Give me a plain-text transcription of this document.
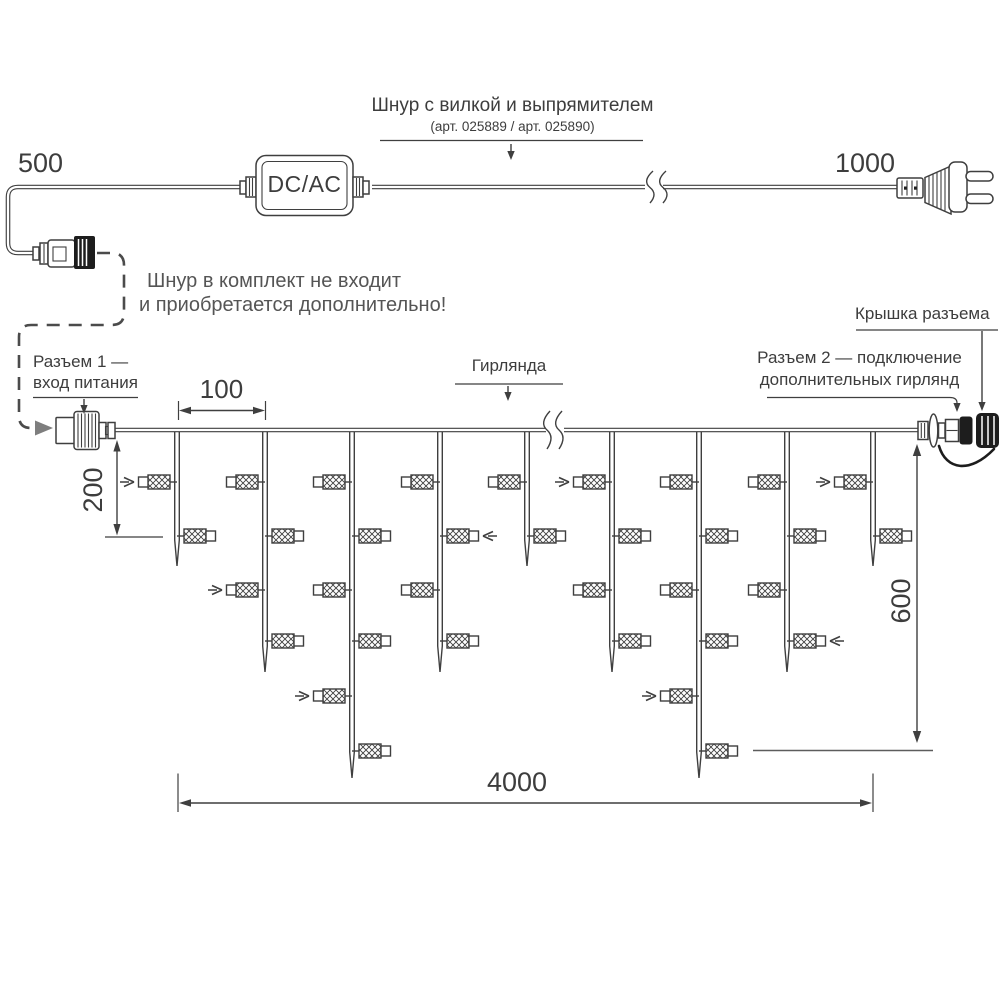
500	1000
Шнур с вилкой и выпрямителем
(арт. 025889 / арт. 025890)
Шнур в комплект не входит
и приобретается дополнительно!
DC/AC
Разъем 1 —
вход питания	100
Гирлянда	Разъем 2 — подключение
дополнительных гирлянд
Крышка разъема
200
600
4000
